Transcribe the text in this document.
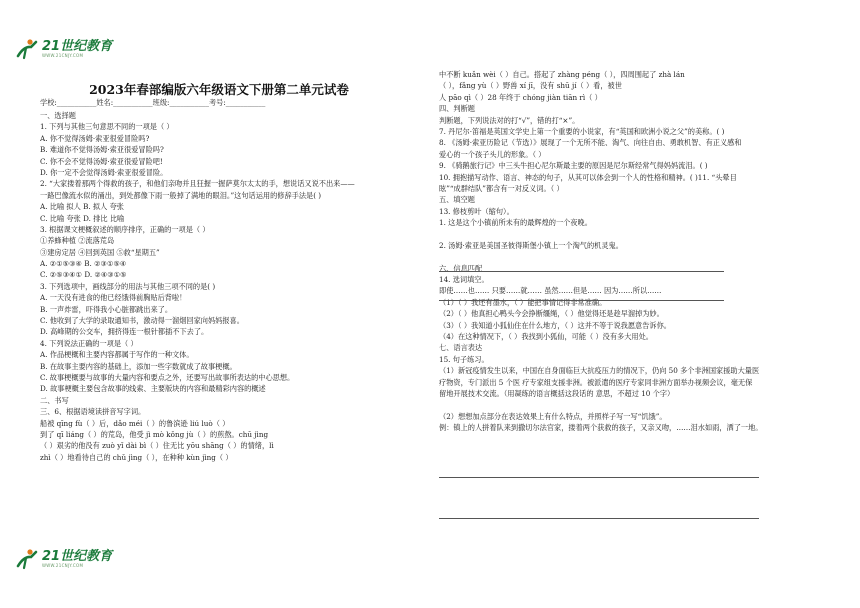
21世纪教育
WWW.21CNJY.COM
2023年春部编版六年级语文下册第二单元试卷
学校:___________姓名:___________班级:___________考号:___________
一、选择题
1. 下列与其他三句意思不同的一项是（ ）
A. 你不觉得汤姆·索亚很爱冒险吗?
B. 难道你不觉得汤姆·索亚很爱冒险吗?
C. 你不会不觉得汤姆·索亚很爱冒险吧!
D. 你一定不会觉得汤姆·索亚很爱冒险。
2. “大家搂着那两个得救的孩子，和他们亲吻并且狂握一握萨莫尔太太的手，想说话又说不出来——
一路巴像流水似的涌出，到处都像下雨一般掉了满地的眼泪。”这句话运用的修辞手法是( )
A. 比喻 拟人 B. 拟人 夸张
C. 比喻 夸张 D. 排比 比喻
3. 根据课文梗概叙述的顺序排序，正确的一项是（ ）
①养蜂种植 ②流落荒岛
③建房定居 ④回到英国 ⑤救“星期五”
A. ②①⑤③④ B. ②③①⑤④
C. ②⑤③④① D. ②④③①⑤
3. 下列选项中，画线部分的用法与其他三项不同的是( )
A. 一天没有进食的他已经饿得前胸贴后背啦！
B. 一声炸雷，吓得我小心脏都跳出来了。
C. 他收到了大学的录取通知书，激动得一溜烟回家向妈妈报喜。
D. 高峰期的公交车，拥挤得连一根针都插不下去了。
4. 下列说法正确的一项是（ ）
A. 作品梗概和主要内容都属于写作的一种文体。
B. 在故事主要内容的基础上，添加一些字数就成了故事梗概。
C. 故事梗概要与故事的大量内容和要点之外，还要写出故事所表达的中心思想。
D. 故事梗概主要包含故事的线索、主要版块的内容和最精彩内容的概述
二、书写
三、6、根据语境读拼音写字词。
船被 qīng fù（ ）后，dǎo méi（ ）的鲁滨逊 liú luò（ ）
到了 qī liáng（ ）的荒岛，他受 jì mò kǒng jù（ ）的煎熬。chū jìng
（ ）艰劣的他没有 zuò yǐ dài bì（ ）住无比 yōu shāng（ ）的情绪，lì
zhì（ ）地看待自己的 chǔ jìng（ ），在种种 kùn jìng（ ）
中不断 kuǎn wèi（ ）自己。搭起了 zhàng péng（ ），四周围起了 zhà lán
（ ），fǎng yù（ ）野兽 xí jī，没有 shū jí（ ）看，被世
人 pāo qì（ ）28 年终于 chóng jiàn tiān rì（ ）
四、判断题
判断题，下列说法对的打“√”，错的打“×”。
7. 丹尼尔·笛福是英国文学史上第一个重要的小说家，有“英国和欧洲小说之父”的美称。( )
8. 《汤姆·索亚历险记（节选）》展现了一个无所不能、淘气、向往自由、勇敢机智、有正义感和
爱心的一个孩子头儿的形象。（ ）
9. 《骑鹅旅行记》中三头牛担心尼尔斯最主要的原因是尼尔斯经常气得妈妈流泪。( )
10. 拥抱描写动作、语言、神态的句子，从其可以体会到一个人的性格和精神。( )11. “头晕目
眩”“成群结队”都含有一对反义词。（ ）
五、填空题
13. 修枝剪叶（缩句）。
1. 这是这个小镇前所未有的最辉煌的一个夜晚。
2. 汤姆·索亚是美国圣彼得斯堡小镇上一个淘气的机灵鬼。
六、信息匹配
14. 选词填空。
即使……也…… 只要……就…… 虽然……但是…… 因为……所以……
（1）（ ）我还有墨水，（ ）能把事情记得非常准确。
（2）（ ）他真担心鸭头今会挣断缰绳，（ ）他觉得还是趁早溜掉为妙。
（3）（ ）我知道小狐仙住在什么地方，（ ）这并不等于说我愿意告诉你。
（4）在这种情况下，（ ）我找到小狐仙，可能（ ）没有多大用处。
七、语言表达
15. 句子练习。
（1）新冠疫情发生以来，中国在自身面临巨大抗疫压力的情况下，仍向 50 多个非洲国家援助大量医
疗物资，专门派出 5 个医 疗专家组支援非洲。被派遣的医疗专家同非洲方面举办视频会议，毫无保
留地开展技术交流。（用凝练的语言概括这段话的 意思，不超过 10 个字）
（2）想想加点部分在表达效果上有什么特点，并照样子写一写“饥饿”。
例：镇上的人拼着队来到撒切尔法官家，搂着两个获救的孩子，又亲又吻，……泪水如雨，洒了一地。
21世纪教育
WWW.21CNJY.COM
